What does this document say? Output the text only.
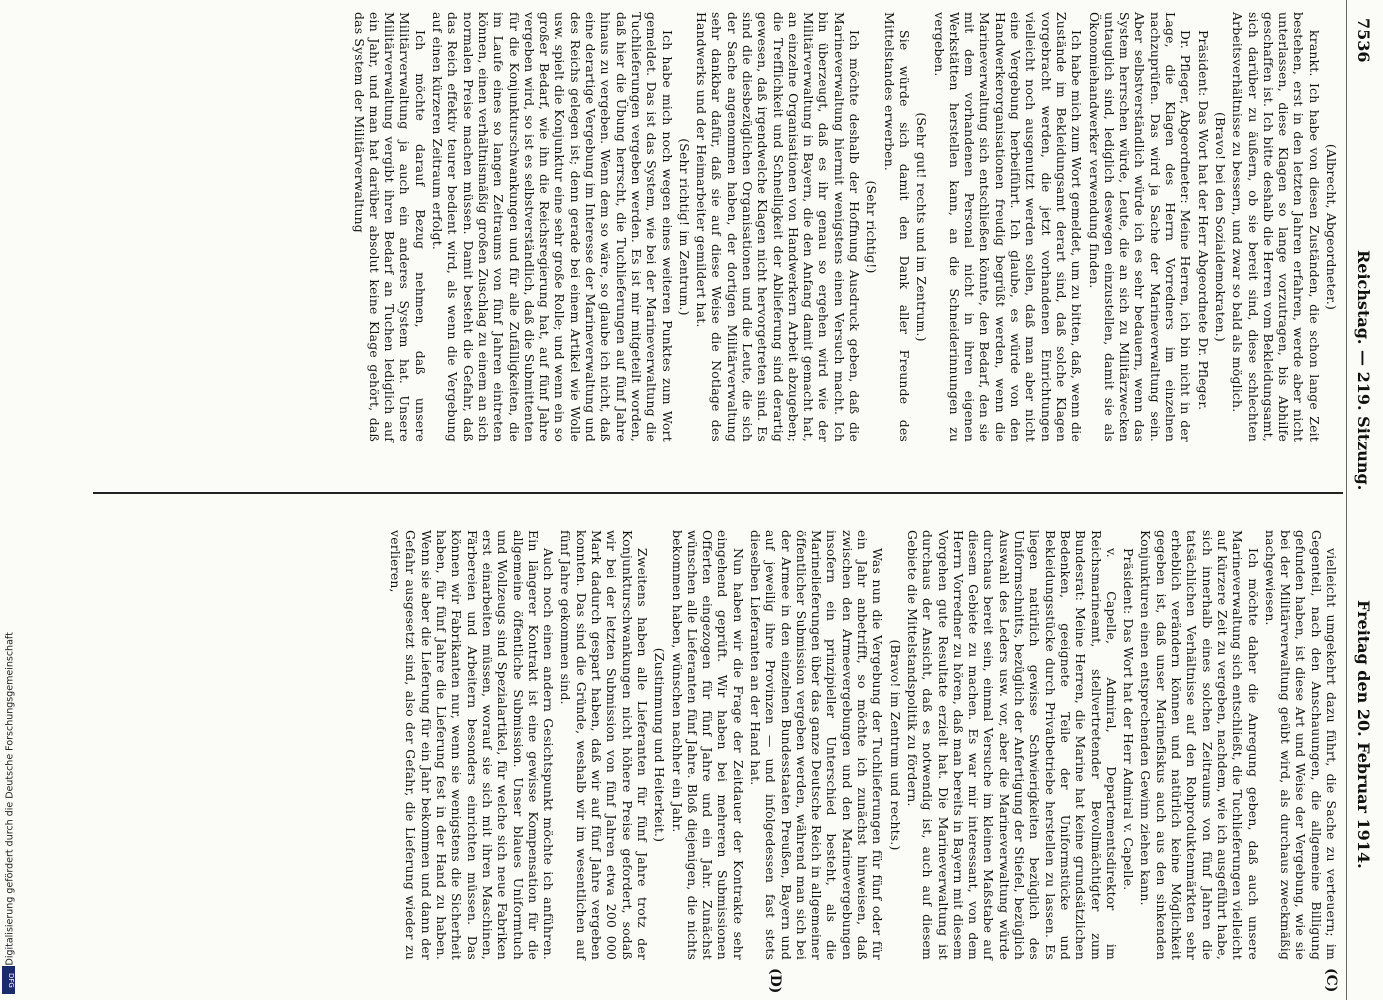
7536
Reichstag. — 219. Sitzung.
Freitag den 20. Februar 1914.
(C)
(D)

(Albrecht, Abgeordneter.)

krankt. Ich habe von diesen Zuständen, die schon lange Zeit bestehen, erst in den letzten Jahren erfahren, werde aber nicht unterlassen, diese Klagen so lange vorzutragen, bis Abhilfe geschaffen ist. Ich bitte deshalb die Herren vom Bekleidungsamt, sich darüber zu äußern, ob sie bereit sind, diese schlechten Arbeitsverhältnisse zu bessern, und zwar so bald als möglich.

(Bravo! bei den Sozialdemokraten.)

Präsident: Das Wort hat der Herr Abgeordnete Dr. Pfleger.

Dr. Pfleger, Abgeordneter: Meine Herren, ich bin nicht in der Lage, die Klagen des Herrn Vorredners im einzelnen nachzuprüfen. Das wird ja Sache der Marineverwaltung sein. Aber selbstverständlich würde ich es sehr bedauern, wenn das System herrschen würde, Leute, die an sich zu Militärzwecken untauglich sind, lediglich deswegen einzustellen, damit sie als Ökonomiehandwerker verwendung finden.

Ich habe mich zum Wort gemeldet, um zu bitten, daß, wenn die Zustände im Bekleidungsamt derart sind, daß solche Klagen vorgebracht werden, die jetzt vorhandenen Einrichtungen vielleicht noch ausgenutzt werden sollen, daß man aber nicht eine Vergebung herbeiführt. Ich glaube, es würde von den Handwerkerorganisationen freudig begrüßt werden, wenn die Marineverwaltung sich entschließen könnte, den Bedarf, den sie mit dem vorhandenen Personal nicht in ihren eigenen Werkstätten herstellen kann, an die Schneiderinnungen zu vergeben.

(Sehr gut! rechts und im Zentrum.)

Sie würde sich damit den Dank aller Freunde des Mittelstandes erwerben.

(Sehr richtig!)

Ich möchte deshalb der Hoffnung Ausdruck geben, daß die Marineverwaltung hiermit wenigstens einen Versuch macht. Ich bin überzeugt, daß es ihr genau so ergehen wird wie der Militärverwaltung in Bayern, die den Anfang damit gemacht hat, an einzelne Organisationen von Handwerkern Arbeit abzugeben; die Trefflichkeit und Schnelligkeit der Ablieferung sind derartig gewesen, daß irgendwelche Klagen nicht hervorgetreten sind. Es sind die diesbezüglichen Organisationen und die Leute, die sich der Sache angenommen haben, der dortigen Militärverwaltung sehr dankbar dafür, daß sie auf diese Weise die Notlage des Handwerks und der Heimarbeiter gemildert hat.

(Sehr richtig! im Zentrum.)

Ich habe mich noch wegen eines weiteren Punktes zum Wort gemeldet. Das ist das System, wie bei der Marineverwaltung die Tuchlieferungen vergeben werden. Es ist mir mitgeteilt worden, daß hier die Übung herrscht, die Tuchlieferungen auf fünf Jahre hinaus zu vergeben. Wenn dem so wäre, so glaube ich nicht, daß eine derartige Vergebung im Interesse der Marineverwaltung und des Reichs gelegen ist; denn gerade bei einem Artikel wie Wolle usw. spielt die Konjunktur eine sehr große Rolle; und wenn ein so großer Bedarf, wie ihn die Reichsregierung hat, auf fünf Jahre vergeben wird, so ist es selbstverständlich, daß die Submittenten für die Konjunkturschwankungen und für alle Zufälligkeiten, die im Laufe eines so langen Zeitraums von fünf Jahren eintreten können, einen verhältnismäßig großen Zuschlag zu einem an sich normalen Preise machen müssen. Damit besteht die Gefahr, daß das Reich effektiv teurer bedient wird, als wenn die Vergebung auf einen kürzeren Zeitraum erfolgt.

Ich möchte darauf Bezug nehmen, daß unsere Militärverwaltung ja auch ein anderes System hat. Unsere Militärverwaltung vergibt ihren Bedarf an Tuchen lediglich auf ein Jahr, und man hat darüber absolut keine Klage gehört, daß das System der Militärverwaltung

vielleicht umgekehrt dazu führt, die Sache zu verteuern; im Gegenteil, nach den Anschauungen, die allgemeine Billigung gefunden haben, ist diese Art und Weise der Vergebung, wie sie bei der Militärverwaltung geübt wird, als durchaus zweckmäßig nachgewiesen.

Ich möchte daher die Anregung geben, daß auch unsere Marineverwaltung sich entschließt, die Tuchlieferungen vielleicht auf kürzere Zeit zu vergeben, nachdem, wie ich ausgeführt habe, sich innerhalb eines solchen Zeitraums von fünf Jahren die tatsächlichen Verhältnisse auf den Rohproduktenmärkten sehr erheblich verändern können und natürlich keine Möglichkeit gegeben ist, daß unser Marinefiskus auch aus den sinkenden Konjunkturen einen entsprechenden Gewinn ziehen kann.

Präsident: Das Wort hat der Herr Admiral v. Capelle.

v. Capelle, Admiral, Departementsdirektor im Reichsmarineamt, stellvertretender Bevollmächtigter zum Bundesrat: Meine Herren, die Marine hat keine grundsätzlichen Bedenken, geeignete Teile der Uniformstücke und Bekleidungsstücke durch Privatbetriebe herstellen zu lassen. Es liegen natürlich gewisse Schwierigkeiten bezüglich des Uniformschnitts, bezüglich der Anfertigung der Stiefel, bezüglich Auswahl des Leders usw. vor, aber die Marineverwaltung würde durchaus bereit sein, einmal Versuche im kleinen Maßstabe auf diesem Gebiete zu machen. Es war mir interessant, von dem Herrn Vorredner zu hören, daß man bereits in Bayern mit diesem Vorgehen gute Resultate erzielt hat. Die Marineverwaltung ist durchaus der Ansicht, daß es notwendig ist, auch auf diesem Gebiete die Mittelstandspolitik zu fördern.

(Bravo! im Zentrum und rechts.)

Was nun die Vergebung der Tuchlieferungen für fünf oder für ein Jahr anbetrifft, so möchte ich zunächst hinweisen, daß zwischen den Armeevergebungen und den Marinevergebungen insofern ein prinzipieller Unterschied besteht, als die Marinelieferungen über das ganze Deutsche Reich in allgemeiner öffentlicher Submission vergeben werden, während man sich bei der Armee in den einzelnen Bundesstaaten Preußen, Bayern und auf jeweilig ihre Provinzen — und infolgedessen fast stets dieselben Lieferanten an der Hand hat.

Nun haben wir die Frage der Zeitdauer der Kontrakte sehr eingehend geprüft. Wir haben bei mehreren Submissionen Offerten eingezogen für fünf Jahre und ein Jahr. Zunächst wünschen alle Lieferanten fünf Jahre. Bloß diejenigen, die nichts bekommen haben, wünschen nachher ein Jahr.

(Zustimmung und Heiterkeit.)

Zweitens haben alle Lieferanten für fünf Jahre trotz der Konjunkturschwankungen nicht höhere Preise gefordert, sodaß wir bei der letzten Submission von fünf Jahren etwa 200 000 Mark dadurch gespart haben, daß wir auf fünf Jahre vergeben konnten. Das sind die Gründe, weshalb wir im wesentlichen auf fünf Jahre gekommen sind.

Auch noch einen andern Gesichtspunkt möchte ich anführen. Ein längerer Kontrakt ist eine gewisse Kompensation für die allgemeine öffentliche Submission. Unser blaues Uniformtuch und Wollzeugs sind Spezialartikel, für welche sich neue Fabriken erst einarbeiten müssen, worauf sie sich mit ihren Maschinen, Färbereien und Arbeitern besonders einrichten müssen. Das können wir Fabrikanten nur, wenn sie wenigstens die Sicherheit haben, für fünf Jahre die Lieferung fest in der Hand zu haben. Wenn sie aber die Lieferung für ein Jahr bekommen und dann der Gefahr ausgesetzt sind, also der Gefahr, die Lieferung wieder zu verlieren,

Digitalisierung gefördert durch die Deutsche Forschungsgemeinschaft
DFG
